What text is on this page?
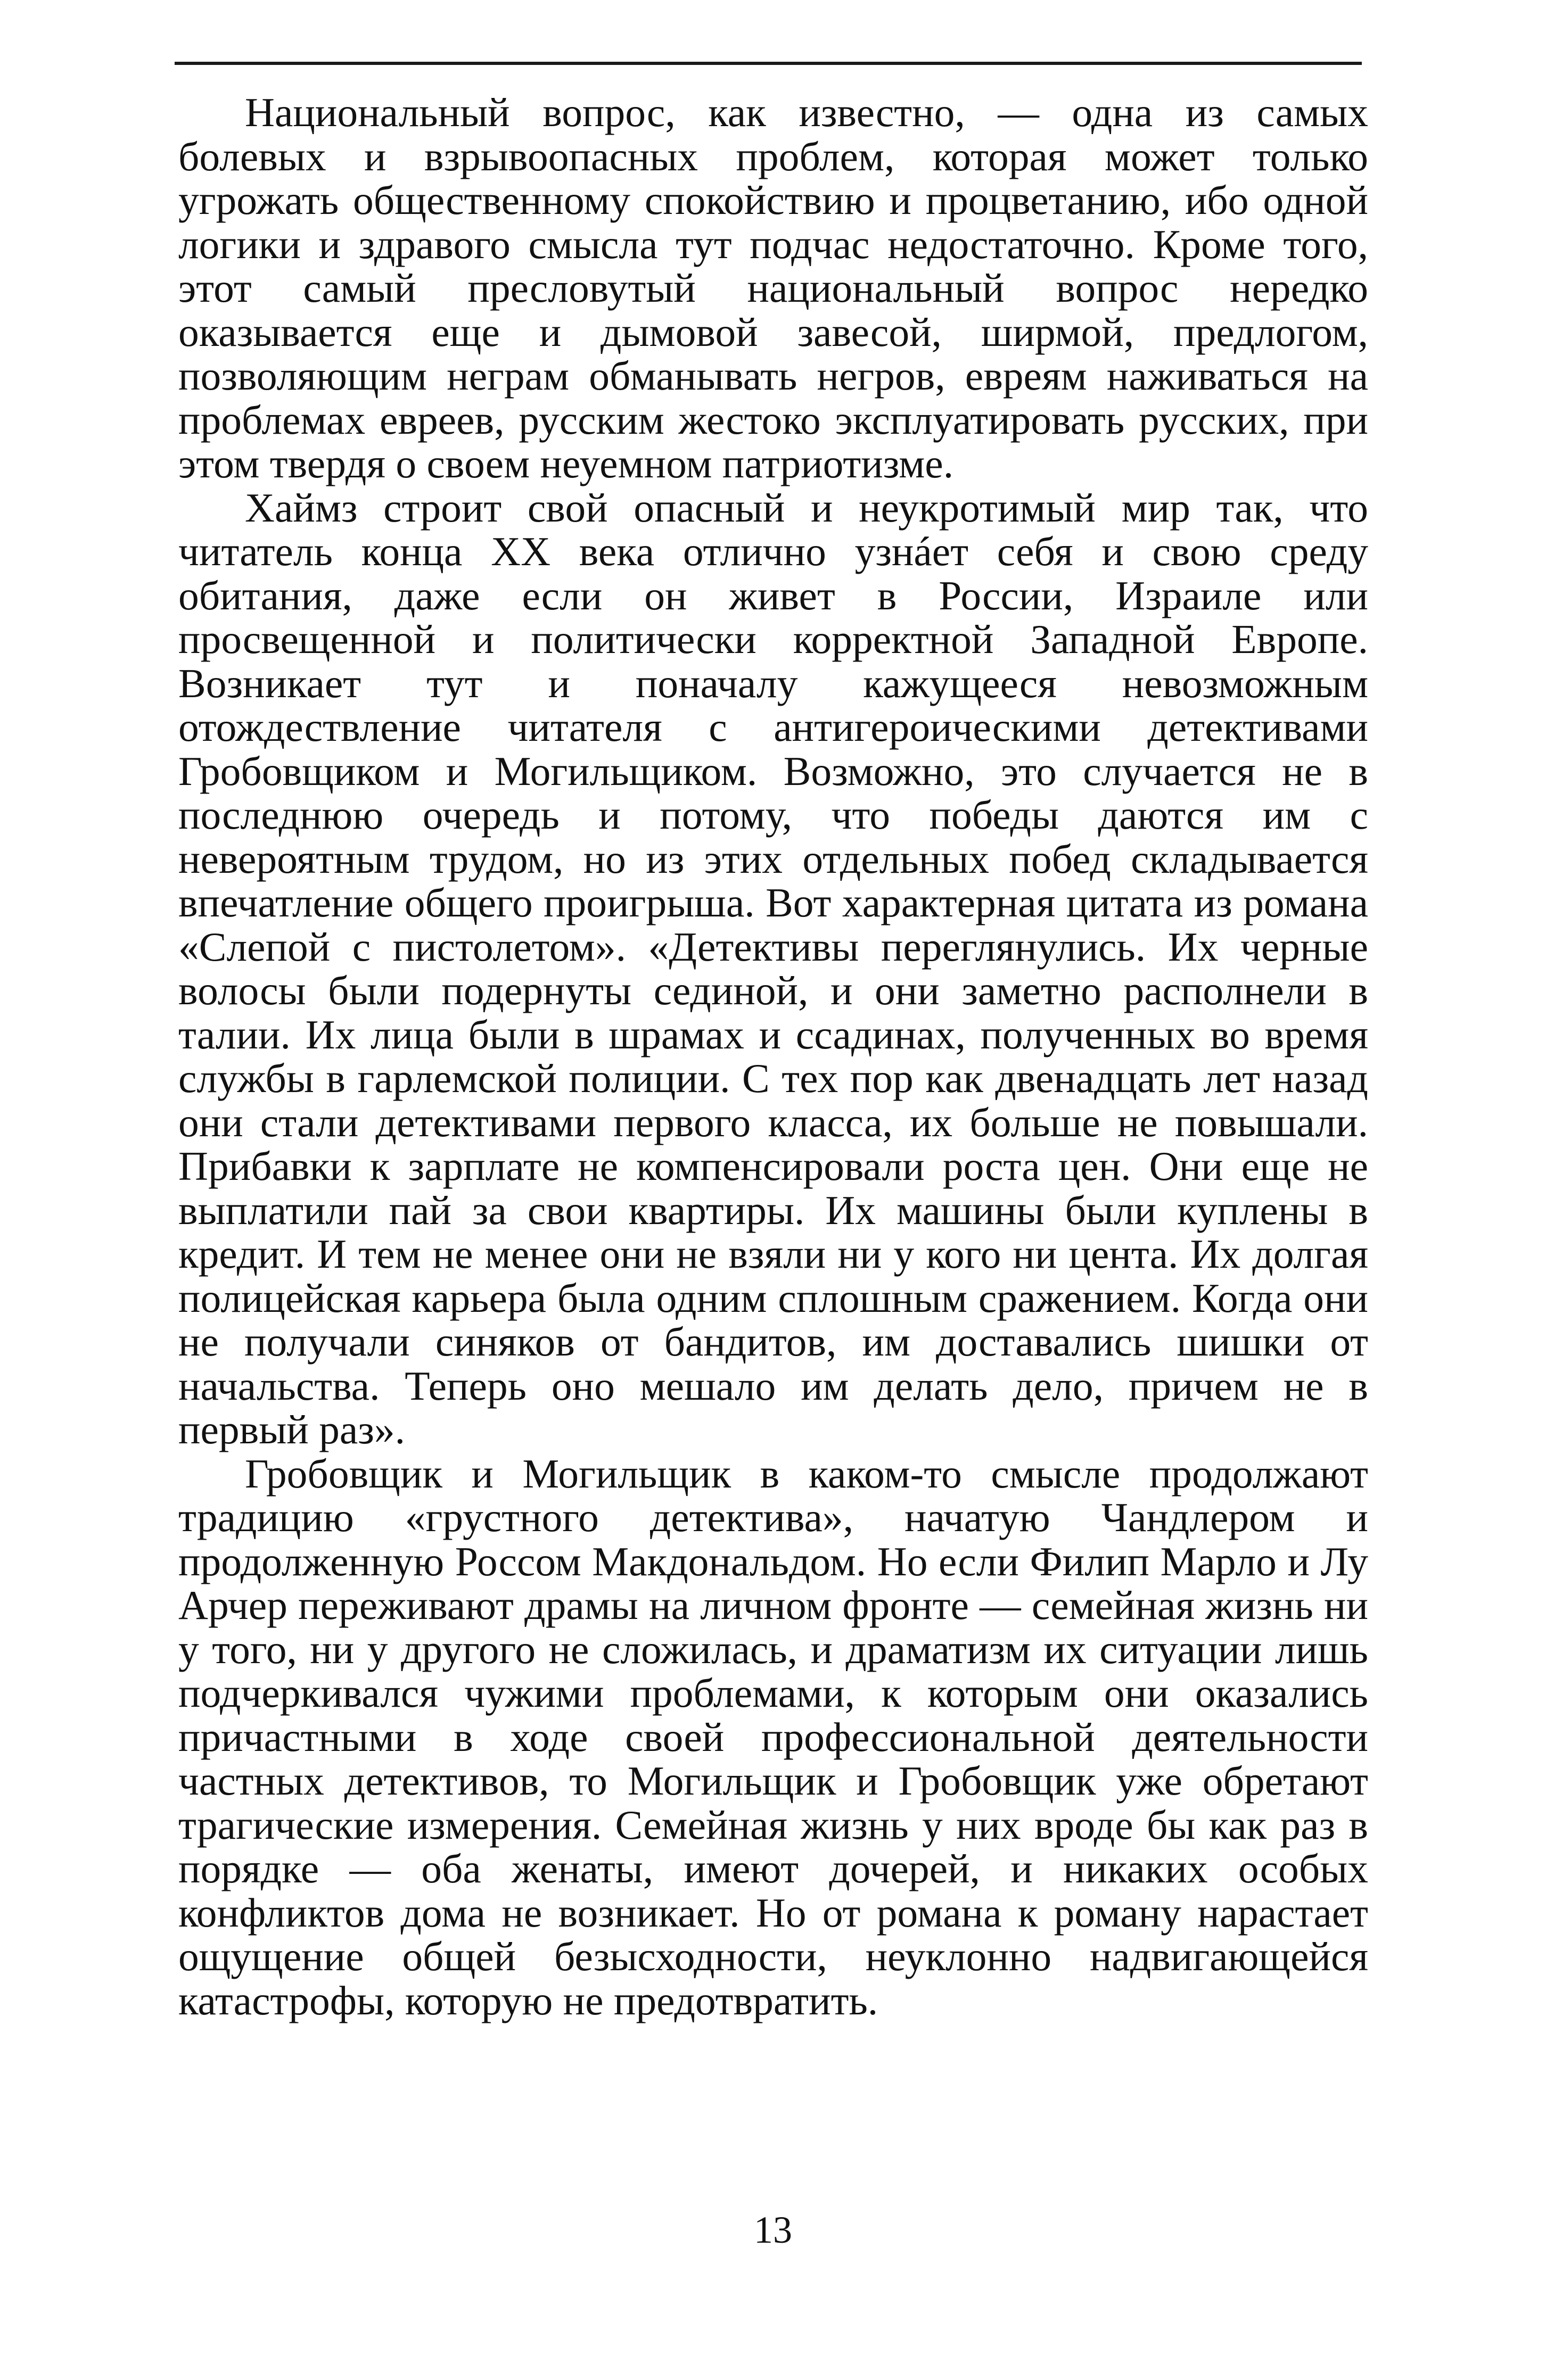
Национальный вопрос, как известно, — одна из самых болевых и взрывоопасных проблем, которая может только угрожать общественному спокойствию и процветанию, ибо одной логики и здравого смысла тут подчас недостаточно. Кроме того, этот самый пресловутый национальный вопрос нередко оказывается еще и дымовой завесой, ширмой, предлогом, позволяющим неграм обманывать негров, евреям наживаться на проблемах евреев, русским жестоко эксплуатировать русских, при этом твердя о своем неуемном патриотизме.

Хаймз строит свой опасный и неукротимый мир так, что читатель конца XX века отлично узнáет себя и свою среду обитания, даже если он живет в России, Израиле или просвещенной и политически корректной Западной Европе. Возникает тут и поначалу кажущееся невозможным отождествление читателя с антигероическими детективами Гробовщиком и Могильщиком. Возможно, это случается не в последнюю очередь и потому, что победы даются им с невероятным трудом, но из этих отдельных побед складывается впечатление общего проигрыша. Вот характерная цитата из романа «Слепой с пистолетом». «Детективы переглянулись. Их черные волосы были подернуты сединой, и они заметно располнели в талии. Их лица были в шрамах и ссадинах, полученных во время службы в гарлемской полиции. С тех пор как двенадцать лет назад они стали детективами первого класса, их больше не повышали. Прибавки к зарплате не компенсировали роста цен. Они еще не выплатили пай за свои квартиры. Их машины были куплены в кредит. И тем не менее они не взяли ни у кого ни цента. Их долгая полицейская карьера была одним сплошным сражением. Когда они не получали синяков от бандитов, им доставались шишки от начальства. Теперь оно мешало им делать дело, причем не в первый раз».

Гробовщик и Могильщик в каком-то смысле продолжают традицию «грустного детектива», начатую Чандлером и продолженную Россом Макдональдом. Но если Филип Марло и Лу Арчер переживают драмы на личном фронте — семейная жизнь ни у того, ни у другого не сложилась, и драматизм их ситуации лишь подчеркивался чужими проблемами, к которым они оказались причастными в ходе своей профессиональной деятельности частных детективов, то Могильщик и Гробовщик уже обретают трагические измерения. Семейная жизнь у них вроде бы как раз в порядке — оба женаты, имеют дочерей, и никаких особых конфликтов дома не возникает. Но от романа к роману нарастает ощущение общей безысходности, неуклонно надвигающейся катастрофы, которую не предотвратить.

13
